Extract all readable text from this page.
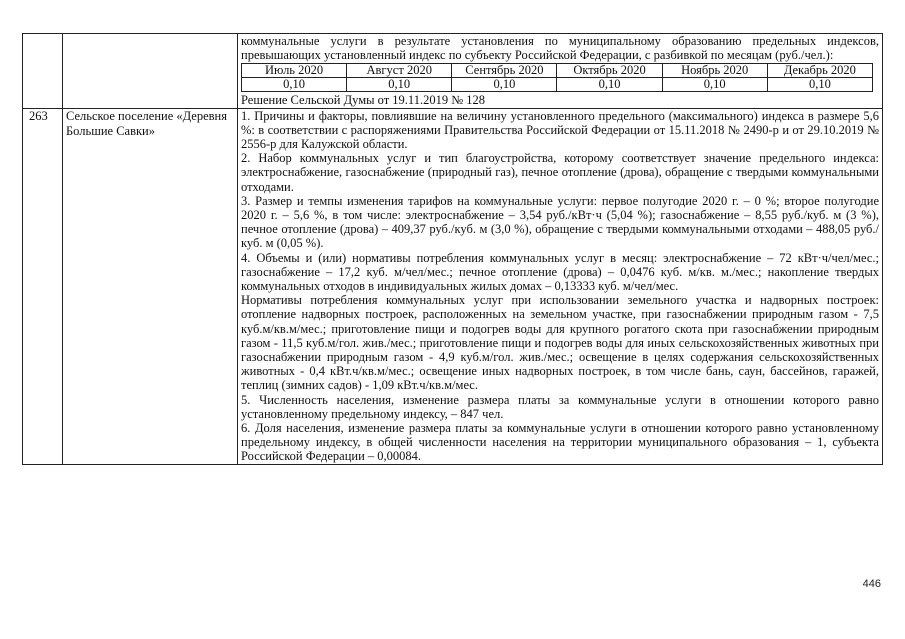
коммунальные услуги в результате установления по муниципальному образованию предельных индексов, превышающих установленный индекс по субъекту Российской Федерации, с разбивкой по месяцам (руб./чел.):

Июль 2020	Август 2020	Сентябрь 2020	Октябрь 2020	Ноябрь 2020	Декабрь 2020
0,10	0,10	0,10	0,10	0,10	0,10

Решение Сельской Думы от 19.11.2019 № 128

263	Сельское поселение «Деревня Большие Савки»	

1. Причины и факторы, повлиявшие на величину установленного предельного (максимального) индекса в размере 5,6 %: в соответствии с распоряжениями Правительства Российской Федерации от 15.11.2018 № 2490-р и от 29.10.2019 № 2556-р для Калужской области.

2. Набор коммунальных услуг и тип благоустройства, которому соответствует значение предельного индекса: электроснабжение, газоснабжение (природный газ), печное отопление (дрова), обращение с твердыми коммунальными отходами.

3. Размер и темпы изменения тарифов на коммунальные услуги: первое полугодие 2020 г. – 0 %; второе полугодие 2020 г. – 5,6 %, в том числе: электроснабжение – 3,54 руб./кВт·ч (5,04 %); газоснабжение – 8,55 руб./куб. м (3 %), печное отопление (дрова) – 409,37 руб./куб. м (3,0 %), обращение с твердыми коммунальными отходами – 488,05 руб./куб. м (0,05 %).

4. Объемы и (или) нормативы потребления коммунальных услуг в месяц: электроснабжение – 72 кВт·ч/чел/мес.; газоснабжение – 17,2 куб. м/чел/мес.; печное отопление (дрова) – 0,0476 куб. м/кв. м./мес.; накопление твердых коммунальных отходов в индивидуальных жилых домах – 0,13333 куб. м/чел/мес.

Нормативы потребления коммунальных услуг при использовании земельного участка и надворных построек: отопление надворных построек, расположенных на земельном участке, при газоснабжении природным газом - 7,5 куб.м/кв.м/мес.; приготовление пищи и подогрев воды для крупного рогатого скота при газоснабжении природным газом - 11,5 куб.м/гол. жив./мес.; приготовление пищи и подогрев воды для иных сельскохозяйственных животных при газоснабжении природным газом - 4,9 куб.м/гол. жив./мес.; освещение в целях содержания сельскохозяйственных животных - 0,4 кВт.ч/кв.м/мес.; освещение иных надворных построек, в том числе бань, саун, бассейнов, гаражей, теплиц (зимних садов) - 1,09 кВт.ч/кв.м/мес.

5. Численность населения, изменение размера платы за коммунальные услуги в отношении которого равно установленному предельному индексу, – 847 чел.

6. Доля населения, изменение размера платы за коммунальные услуги в отношении которого равно установленному предельному индексу, в общей численности населения на территории муниципального образования – 1, субъекта Российской Федерации – 0,00084.

446
